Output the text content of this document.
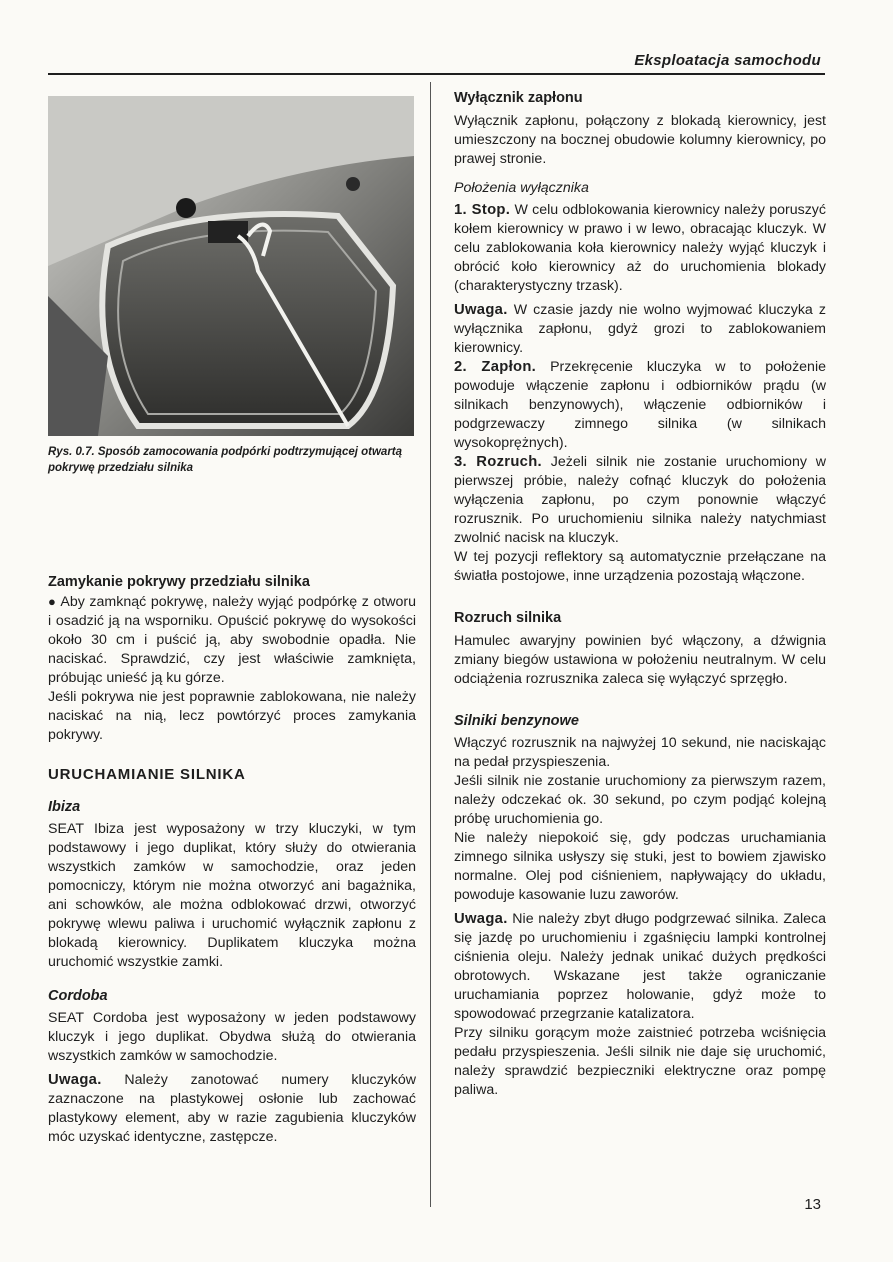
Eksploatacja samochodu
Rys. 0.7. Sposób zamocowania podpórki podtrzymującej otwartą pokrywę przedziału silnika
Zamykanie pokrywy przedziału silnika

● Aby zamknąć pokrywę, należy wyjąć podpórkę z otworu i osadzić ją na wsporniku. Opuścić pokrywę do wysokości około 30 cm i puścić ją, aby swobodnie opadła. Nie naciskać. Sprawdzić, czy jest właściwie zamknięta, próbując unieść ją ku górze.

Jeśli pokrywa nie jest poprawnie zablokowana, nie należy naciskać na nią, lecz powtórzyć proces zamykania pokrywy.

URUCHAMIANIE SILNIKA
Ibiza

SEAT Ibiza jest wyposażony w trzy kluczyki, w tym podstawowy i jego duplikat, który służy do otwierania wszystkich zamków w samochodzie, oraz jeden pomocniczy, którym nie można otworzyć ani bagażnika, ani schowków, ale można odblokować drzwi, otworzyć pokrywę wlewu paliwa i uruchomić wyłącznik zapłonu z blokadą kierownicy. Duplikatem kluczyka można uruchomić wszystkie zamki.

Cordoba

SEAT Cordoba jest wyposażony w jeden podstawowy kluczyk i jego duplikat. Obydwa służą do otwierania wszystkich zamków w samochodzie.

Uwaga. Należy zanotować numery kluczyków zaznaczone na plastykowej osłonie lub zachować plastykowy element, aby w razie zagubienia kluczyków móc uzyskać identyczne, zastępcze.

Wyłącznik zapłonu

Wyłącznik zapłonu, połączony z blokadą kierownicy, jest umieszczony na bocznej obudowie kolumny kierownicy, po prawej stronie.

Położenia wyłącznika

1. Stop. W celu odblokowania kierownicy należy poruszyć kołem kierownicy w prawo i w lewo, obracając kluczyk. W celu zablokowania koła kierownicy należy wyjąć kluczyk i obrócić koło kierownicy aż do uruchomienia blokady (charakterystyczny trzask).

Uwaga. W czasie jazdy nie wolno wyjmować kluczyka z wyłącznika zapłonu, gdyż grozi to zablokowaniem kierownicy.

2. Zapłon. Przekręcenie kluczyka w to położenie powoduje włączenie zapłonu i odbiorników prądu (w silnikach benzynowych), włączenie odbiorników i podgrzewaczy zimnego silnika (w silnikach wysokoprężnych).

3. Rozruch. Jeżeli silnik nie zostanie uruchomiony w pierwszej próbie, należy cofnąć kluczyk do położenia wyłączenia zapłonu, po czym ponownie włączyć rozrusznik. Po uruchomieniu silnika należy natychmiast zwolnić nacisk na kluczyk.

W tej pozycji reflektory są automatycznie przełączane na światła postojowe, inne urządzenia pozostają włączone.

Rozruch silnika

Hamulec awaryjny powinien być włączony, a dźwignia zmiany biegów ustawiona w położeniu neutralnym. W celu odciążenia rozrusznika zaleca się wyłączyć sprzęgło.

Silniki benzynowe

Włączyć rozrusznik na najwyżej 10 sekund, nie naciskając na pedał przyspieszenia.

Jeśli silnik nie zostanie uruchomiony za pierwszym razem, należy odczekać ok. 30 sekund, po czym podjąć kolejną próbę uruchomienia go.

Nie należy niepokoić się, gdy podczas uruchamiania zimnego silnika usłyszy się stuki, jest to bowiem zjawisko normalne. Olej pod ciśnieniem, napływający do układu, powoduje kasowanie luzu zaworów.

Uwaga. Nie należy zbyt długo podgrzewać silnika. Zaleca się jazdę po uruchomieniu i zgaśnięciu lampki kontrolnej ciśnienia oleju. Należy jednak unikać dużych prędkości obrotowych. Wskazane jest także ograniczanie uruchamiania poprzez holowanie, gdyż może to spowodować przegrzanie katalizatora.

Przy silniku gorącym może zaistnieć potrzeba wciśnięcia pedału przyspieszenia. Jeśli silnik nie daje się uruchomić, należy sprawdzić bezpieczniki elektryczne oraz pompę paliwa.

13
